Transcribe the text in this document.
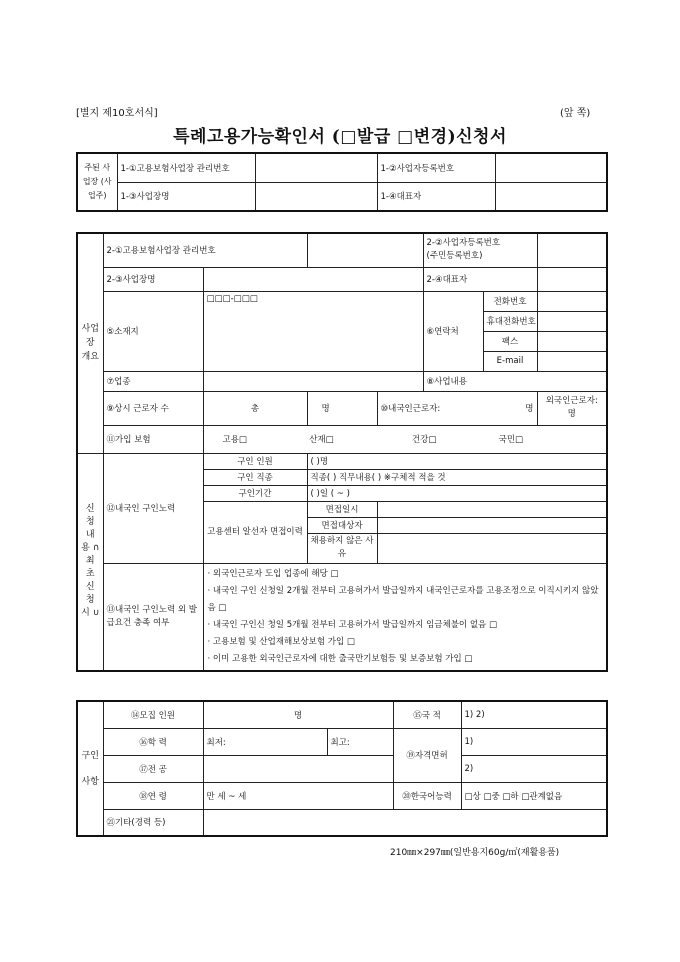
[별지 제10호서식]	(앞 쪽)
특례고용가능확인서 (□발급 □변경)신청서
주된 사업장 (사업주)	1-①고용보험사업장 관리번호		1-②사업자등록번호	
	1-③사업장명		1-④대표자	
사업 장 개요	2-①고용보험사업장 관리번호				2-②사업자등록번호
(주민등록번호)		
	2-③사업장명				2-④대표자		
	⑤소재지	□□□-□□□			⑥연락처	전화번호	
						휴대전화번호	
						팩스	
						E-mail	
	⑦업종				⑧사업내용		
	⑨상시 근로자 수	총	명	⑩내국인근로자: 명			외국인근로자:
명
	⑪가입 보험	고용□ 산재□ 건강□ 국민□					
신 청 내 용 ∩ 최 초 신 청 시 ∪	⑫내국인 구인노력	구인 인원	( )명				
		구인 직종	직종( ) 직무내용( ) ※구체적 적을 것				
		구인기간	( )일 ( ~ )				
		고용센터 알선자 면접이력	면접일시				
			면접대상자				
			채용하지 않은 사유				
	⑬내국인 구인노력 외 발급요건 충족 여부	· 외국인근로자 도입 업종에 해당 □
· 내국인 구인 신청일 2개월 전부터 고용허가서 발급일까지 내국인근로자를 고용조정으로 이직시키지 않았음 □
· 내국인 구인신 청일 5개월 전부터 고용허가서 발급일까지 임금체불이 없음 □
· 고용보험 및 산업재해보상보험 가입 □
· 이미 고용한 외국인근로자에 대한 출국만기보험등 및 보증보험 가입 □					
구인 사항	⑭모집 인원	명		⑮국 적	1) 2)
	⑯학 력	최저:	최고:	⑲자격면허	1)
	⑰전 공				2)
	⑱연 령	만 세 ~ 세		⑳한국어능력	□상 □중 □하 □관계없음
	㉑기타(경력 등)				
210㎜×297㎜(일반용지60g/㎡(재활용품)
